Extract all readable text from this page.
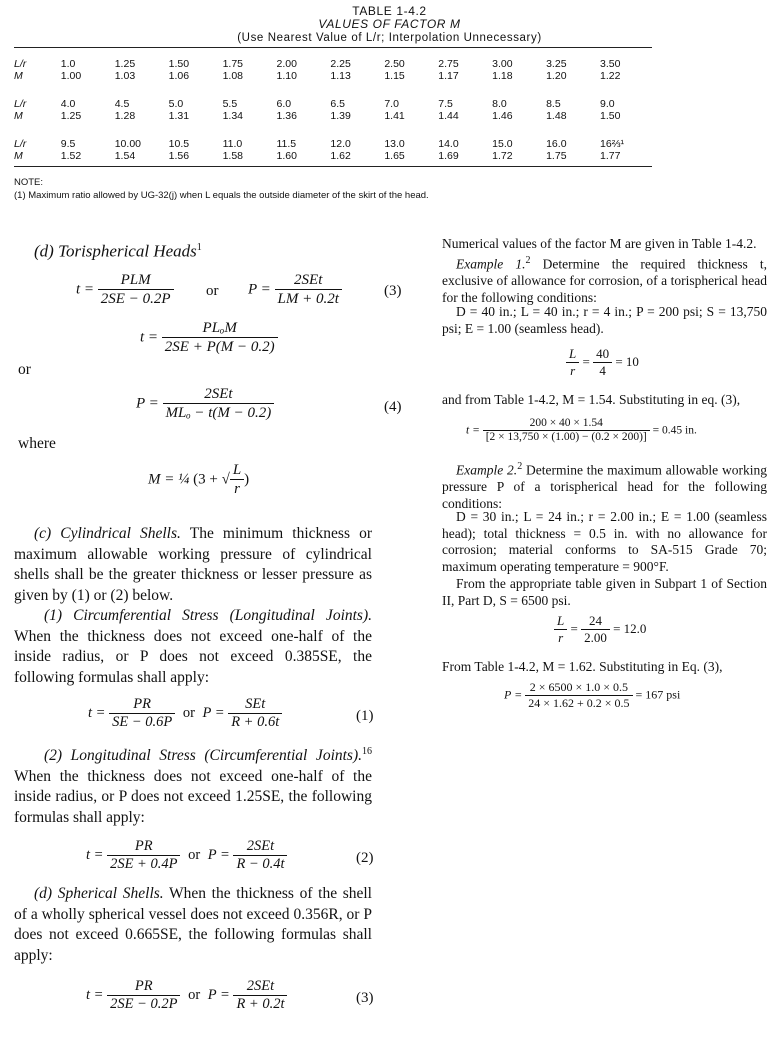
TABLE 1-4.2
VALUES OF FACTOR M
(Use Nearest Value of L/r; Interpolation Unnecessary)
L/r	1.0	1.25	1.50	1.75	2.00	2.25	2.50	2.75	3.00	3.25	3.50
M	1.00	1.03	1.06	1.08	1.10	1.13	1.15	1.17	1.18	1.20	1.22

L/r	4.0	4.5	5.0	5.5	6.0	6.5	7.0	7.5	8.0	8.5	9.0
M	1.25	1.28	1.31	1.34	1.36	1.39	1.41	1.44	1.46	1.48	1.50

L/r	9.5	10.00	10.5	11.0	11.5	12.0	13.0	14.0	15.0	16.0	16⅔¹
M	1.52	1.54	1.56	1.58	1.60	1.62	1.65	1.69	1.72	1.75	1.77
NOTE:
(1) Maximum ratio allowed by UG-32(j) when L equals the outside diameter of the skirt of the head.
(d) Torispherical Heads$^1$
$t = \frac{\text{PLM}}{2SE - 0.2P}$ or $P = \frac{\text{2SEt}}{LM + 0.2t}$	(3)
$t = \frac{\text{PLₒM}}{2SE + P(M - 0.2)}$
or
$P = \frac{\text{2SEt}}{\text{MLₒ − t(M − 0.2)}}$	(4)
where
M = ¼ (3 + √ $\frac{L}{r}$ )
(c) Cylindrical Shells. The minimum thickness or maximum allowable working pressure of cylindrical shells shall be the greater thickness or lesser pressure as given by (1) or (2) below.
(1) Circumferential Stress (Longitudinal Joints). When the thickness does not exceed one-half of the inside radius, or P does not exceed 0.385SE, the following formulas shall apply:
$t = \frac{PR}{SE - 0.6P}$ or $P = \frac{\text{SEt}}{R + 0.6t}$	(1)
(2) Longitudinal Stress (Circumferential Joints).$^{16}$ When the thickness does not exceed one-half of the inside radius, or P does not exceed 1.25SE, the following formulas shall apply:
$t = \frac{PR}{2SE + 0.4P}$ or $P = \frac{\text{2SEt}}{R - 0.4t}$	(2)
(d) Spherical Shells. When the thickness of the shell of a wholly spherical vessel does not exceed 0.356R, or P does not exceed 0.665SE, the following formulas shall apply:
$t = \frac{PR}{2SE - 0.2P}$ or $P = \frac{\text{2SEt}}{R + 0.2t}$	(3)
Numerical values of the factor M are given in Table 1-4.2.
Example 1.$^2$ Determine the required thickness t, exclusive of allowance for corrosion, of a torispherical head for the following conditions:
D = 40 in.; L = 40 in.; r = 4 in.; P = 200 psi; S = 13,750 psi; E = 1.00 (seamless head).
$\frac{L}{r} = \frac{40}{4} = 10$
and from Table 1-4.2, M = 1.54. Substituting in eq. (3),
$t = \frac{200 \times 40 \times 1.54}{[2 \times 13,750 \times (1.00) - (0.2 \times 200)]} = 0.45$ in.
Example 2.$^2$ Determine the maximum allowable working pressure P of a torispherical head for the following conditions:
D = 30 in.; L = 24 in.; r = 2.00 in.; E = 1.00 (seamless head); total thickness = 0.5 in. with no allowance for corrosion; material conforms to SA-515 Grade 70; maximum operating temperature = 900°F.
From the appropriate table given in Subpart 1 of Section II, Part D, S = 6500 psi.
$\frac{L}{r} = \frac{24}{2.00} = 12.0$
From Table 1-4.2, M = 1.62. Substituting in Eq. (3),
$P = \frac{2 \times 6500 \times 1.0 \times 0.5}{24 \times 1.62 + 0.2 \times 0.5} = 167$ psi
